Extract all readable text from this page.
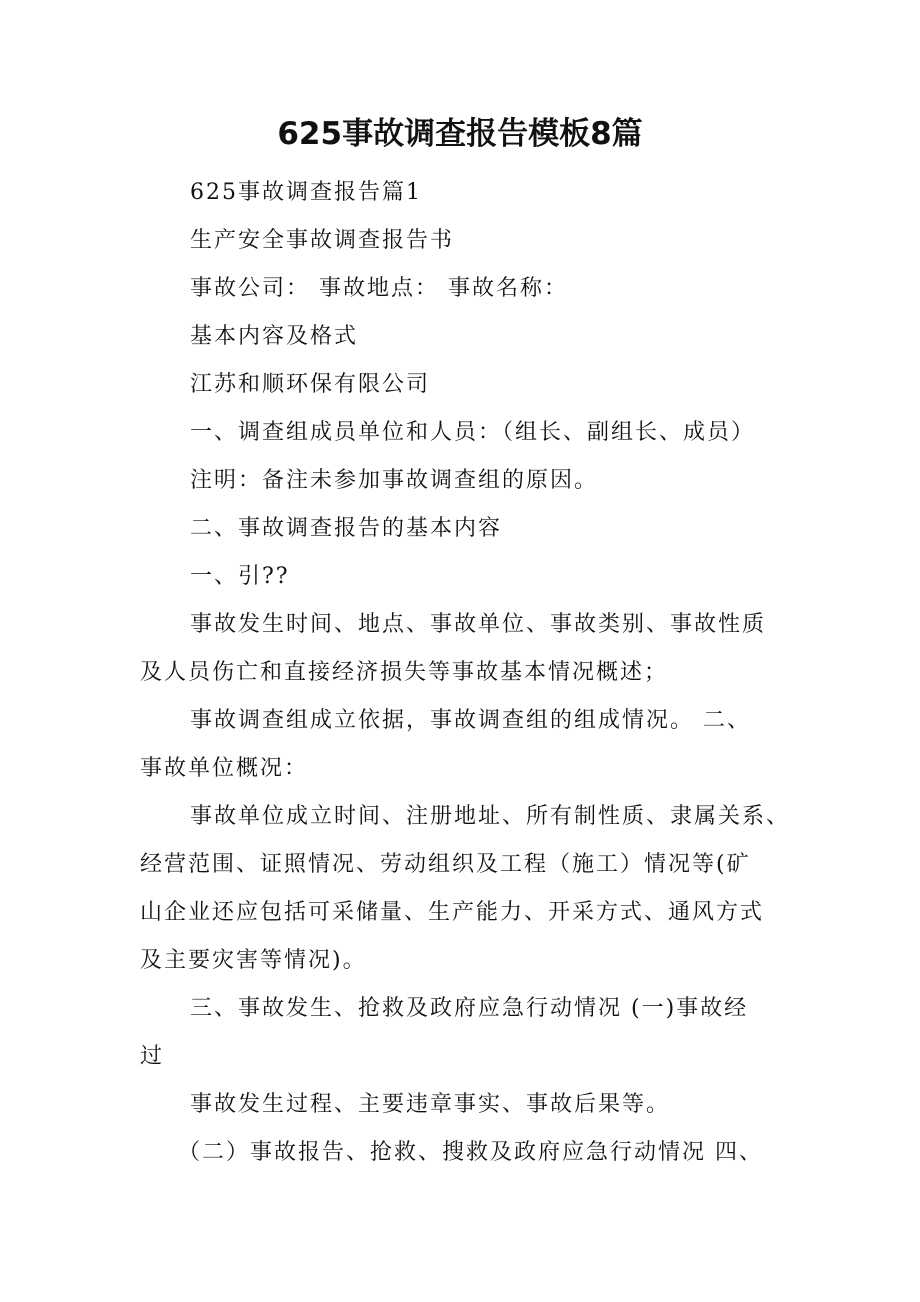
625事故调查报告模板8篇

625事故调查报告篇1

生产安全事故调查报告书

事故公司： 事故地点： 事故名称：

基本内容及格式

江苏和顺环保有限公司

一、调查组成员单位和人员：（组长、副组长、成员）

注明：备注未参加事故调查组的原因。

二、事故调查报告的基本内容

一、引??

事故发生时间、地点、事故单位、事故类别、事故性质

及人员伤亡和直接经济损失等事故基本情况概述；

事故调查组成立依据，事故调查组的组成情况。 二、

事故单位概况：

事故单位成立时间、注册地址、所有制性质、隶属关系、

经营范围、证照情况、劳动组织及工程（施工）情况等(矿

山企业还应包括可采储量、生产能力、开采方式、通风方式

及主要灾害等情况)。

三、事故发生、抢救及政府应急行动情况 (一)事故经

过

事故发生过程、主要违章事实、事故后果等。

（二）事故报告、抢救、搜救及政府应急行动情况 四、
